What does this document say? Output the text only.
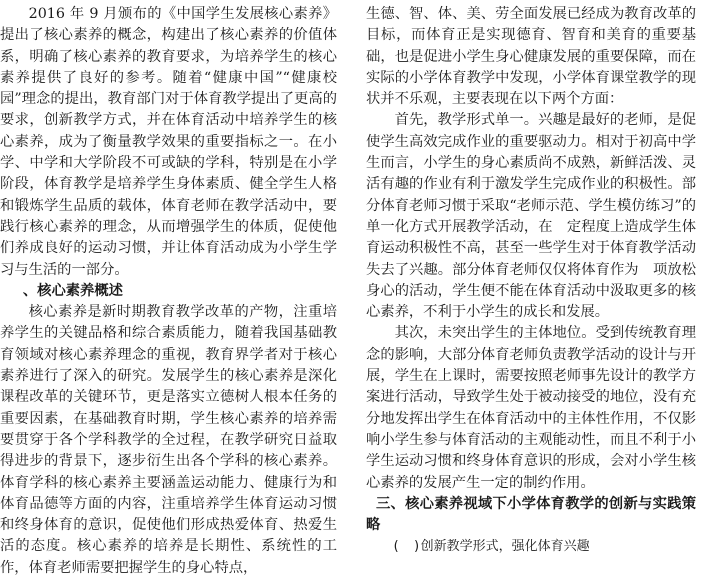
2016 年 9 月颁布的《中国学生发展核心素养》提出了核心素养的概念，构建出了核心素养的价值体系，明确了核心素养的教育要求，为培养学生的核心素养提供了良好的参考。随着“健康中国”“健康校园”理念的提出，教育部门对于体育教学提出了更高的要求，创新教学方式，并在体育活动中培养学生的核心素养，成为了衡量教学效果的重要指标之一。在小学、中学和大学阶段不可或缺的学科，特别是在小学阶段，体育教学是培养学生身体素质、健全学生人格和锻炼学生品质的载体，体育老师在教学活动中，要践行核心素养的理念，从而增强学生的体质，促使他们养成良好的运动习惯，并让体育活动成为小学生学习与生活的一部分。

、核心素养概述

核心素养是新时期教育教学改革的产物，注重培养学生的关键品格和综合素质能力，随着我国基础教育领域对核心素养理念的重视，教育界学者对于核心素养进行了深入的研究。发展学生的核心素养是深化课程改革的关键环节，更是落实立德树人根本任务的重要因素，在基础教育时期，学生核心素养的培养需要贯穿于各个学科教学的全过程，在教学研究日益取得进步的背景下，逐步衍生出各个学科的核心素养。体育学科的核心素养主要涵盖运动能力、健康行为和体育品德等方面的内容，注重培养学生体育运动习惯和终身体育的意识，促使他们形成热爱体育、热爱生活的态度。核心素养的培养是长期性、系统性的工作，体育老师需要把握学生的身心特点，

生德、智、体、美、劳全面发展已经成为教育改革的目标，而体育正是实现德育、智育和美育的重要基础，也是促进小学生身心健康发展的重要保障，而在实际的小学体育教学中发现，小学体育课堂教学的现状并不乐观，主要表现在以下两个方面：

首先，教学形式单一。兴趣是最好的老师，是促使学生高效完成作业的重要驱动力。相对于初高中学生而言，小学生的身心素质尚不成熟，新鲜活泼、灵活有趣的作业有利于激发学生完成作业的积极性。部分体育老师习惯于采取“老师示范、学生模仿练习”的单一化方式开展教学活动，在　定程度上造成学生体育运动积极性不高，甚至一些学生对于体育教学活动失去了兴趣。部分体育老师仅仅将体育作为　项放松身心的活动，学生便不能在体育活动中汲取更多的核心素养，不利于小学生的成长和发展。

其次，未突出学生的主体地位。受到传统教育理念的影响，大部分体育老师负责教学活动的设计与开展，学生在上课时，需要按照老师事先设计的教学方案进行活动，导致学生处于被动接受的地位，没有充分地发挥出学生在体育活动中的主体性作用，不仅影响小学生参与体育活动的主观能动性，而且不利于小学生运动习惯和终身体育意识的形成，会对小学生核心素养的发展产生一定的制约作用。

三、核心素养视域下小学体育教学的创新与实践策略

(　)创新教学形式，强化体育兴趣
